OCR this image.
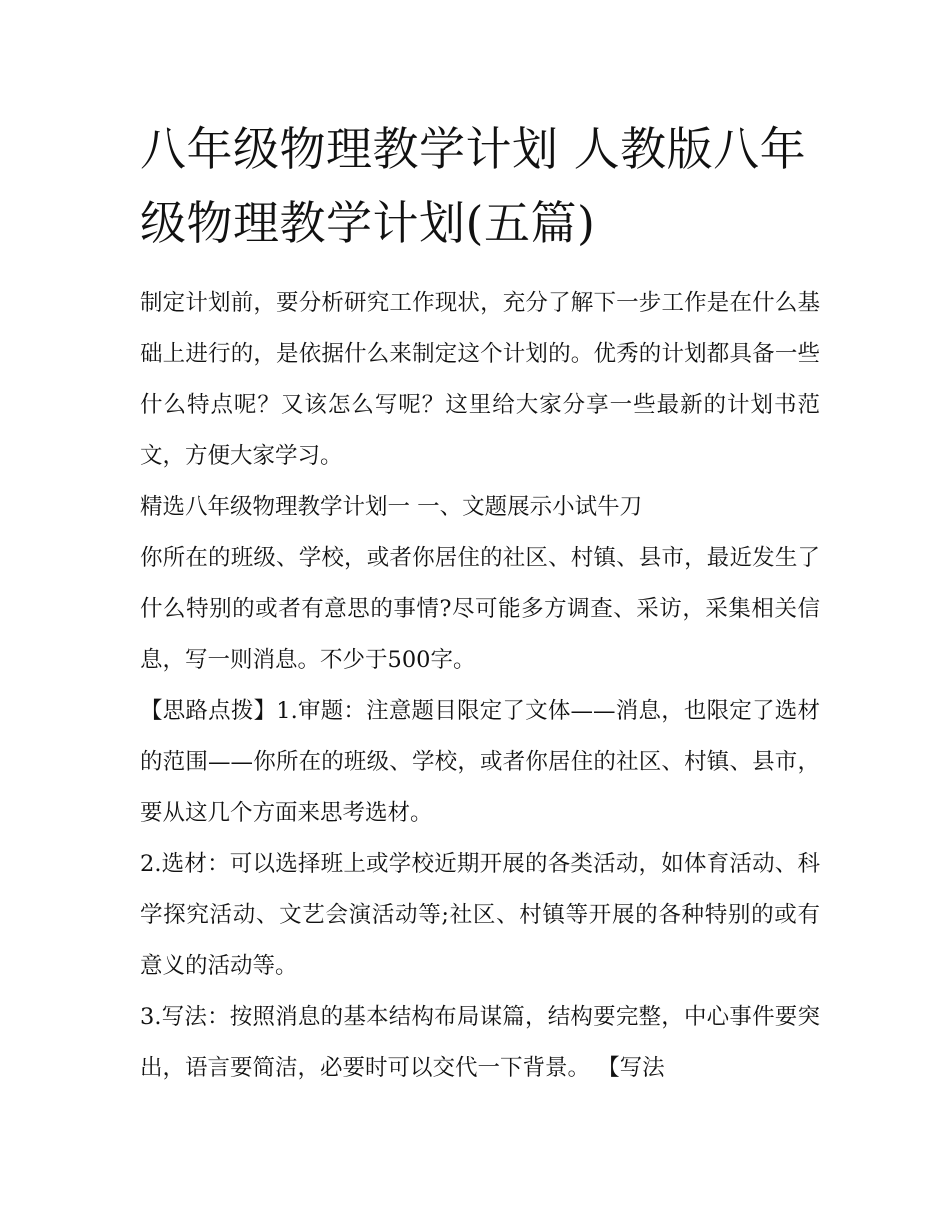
八年级物理教学计划 人教版八年级物理教学计划(五篇)

制定计划前，要分析研究工作现状，充分了解下一步工作是在什么基础上进行的，是依据什么来制定这个计划的。优秀的计划都具备一些什么特点呢？又该怎么写呢？这里给大家分享一些最新的计划书范文，方便大家学习。

精选八年级物理教学计划一 一、文题展示小试牛刀

你所在的班级、学校，或者你居住的社区、村镇、县市，最近发生了什么特别的或者有意思的事情?尽可能多方调查、采访，采集相关信息，写一则消息。不少于500字。

【思路点拨】1.审题：注意题目限定了文体——消息，也限定了选材的范围——你所在的班级、学校，或者你居住的社区、村镇、县市，要从这几个方面来思考选材。

2.选材：可以选择班上或学校近期开展的各类活动，如体育活动、科学探究活动、文艺会演活动等;社区、村镇等开展的各种特别的或有意义的活动等。

3.写法：按照消息的基本结构布局谋篇，结构要完整，中心事件要突出，语言要简洁，必要时可以交代一下背景。 【写法
